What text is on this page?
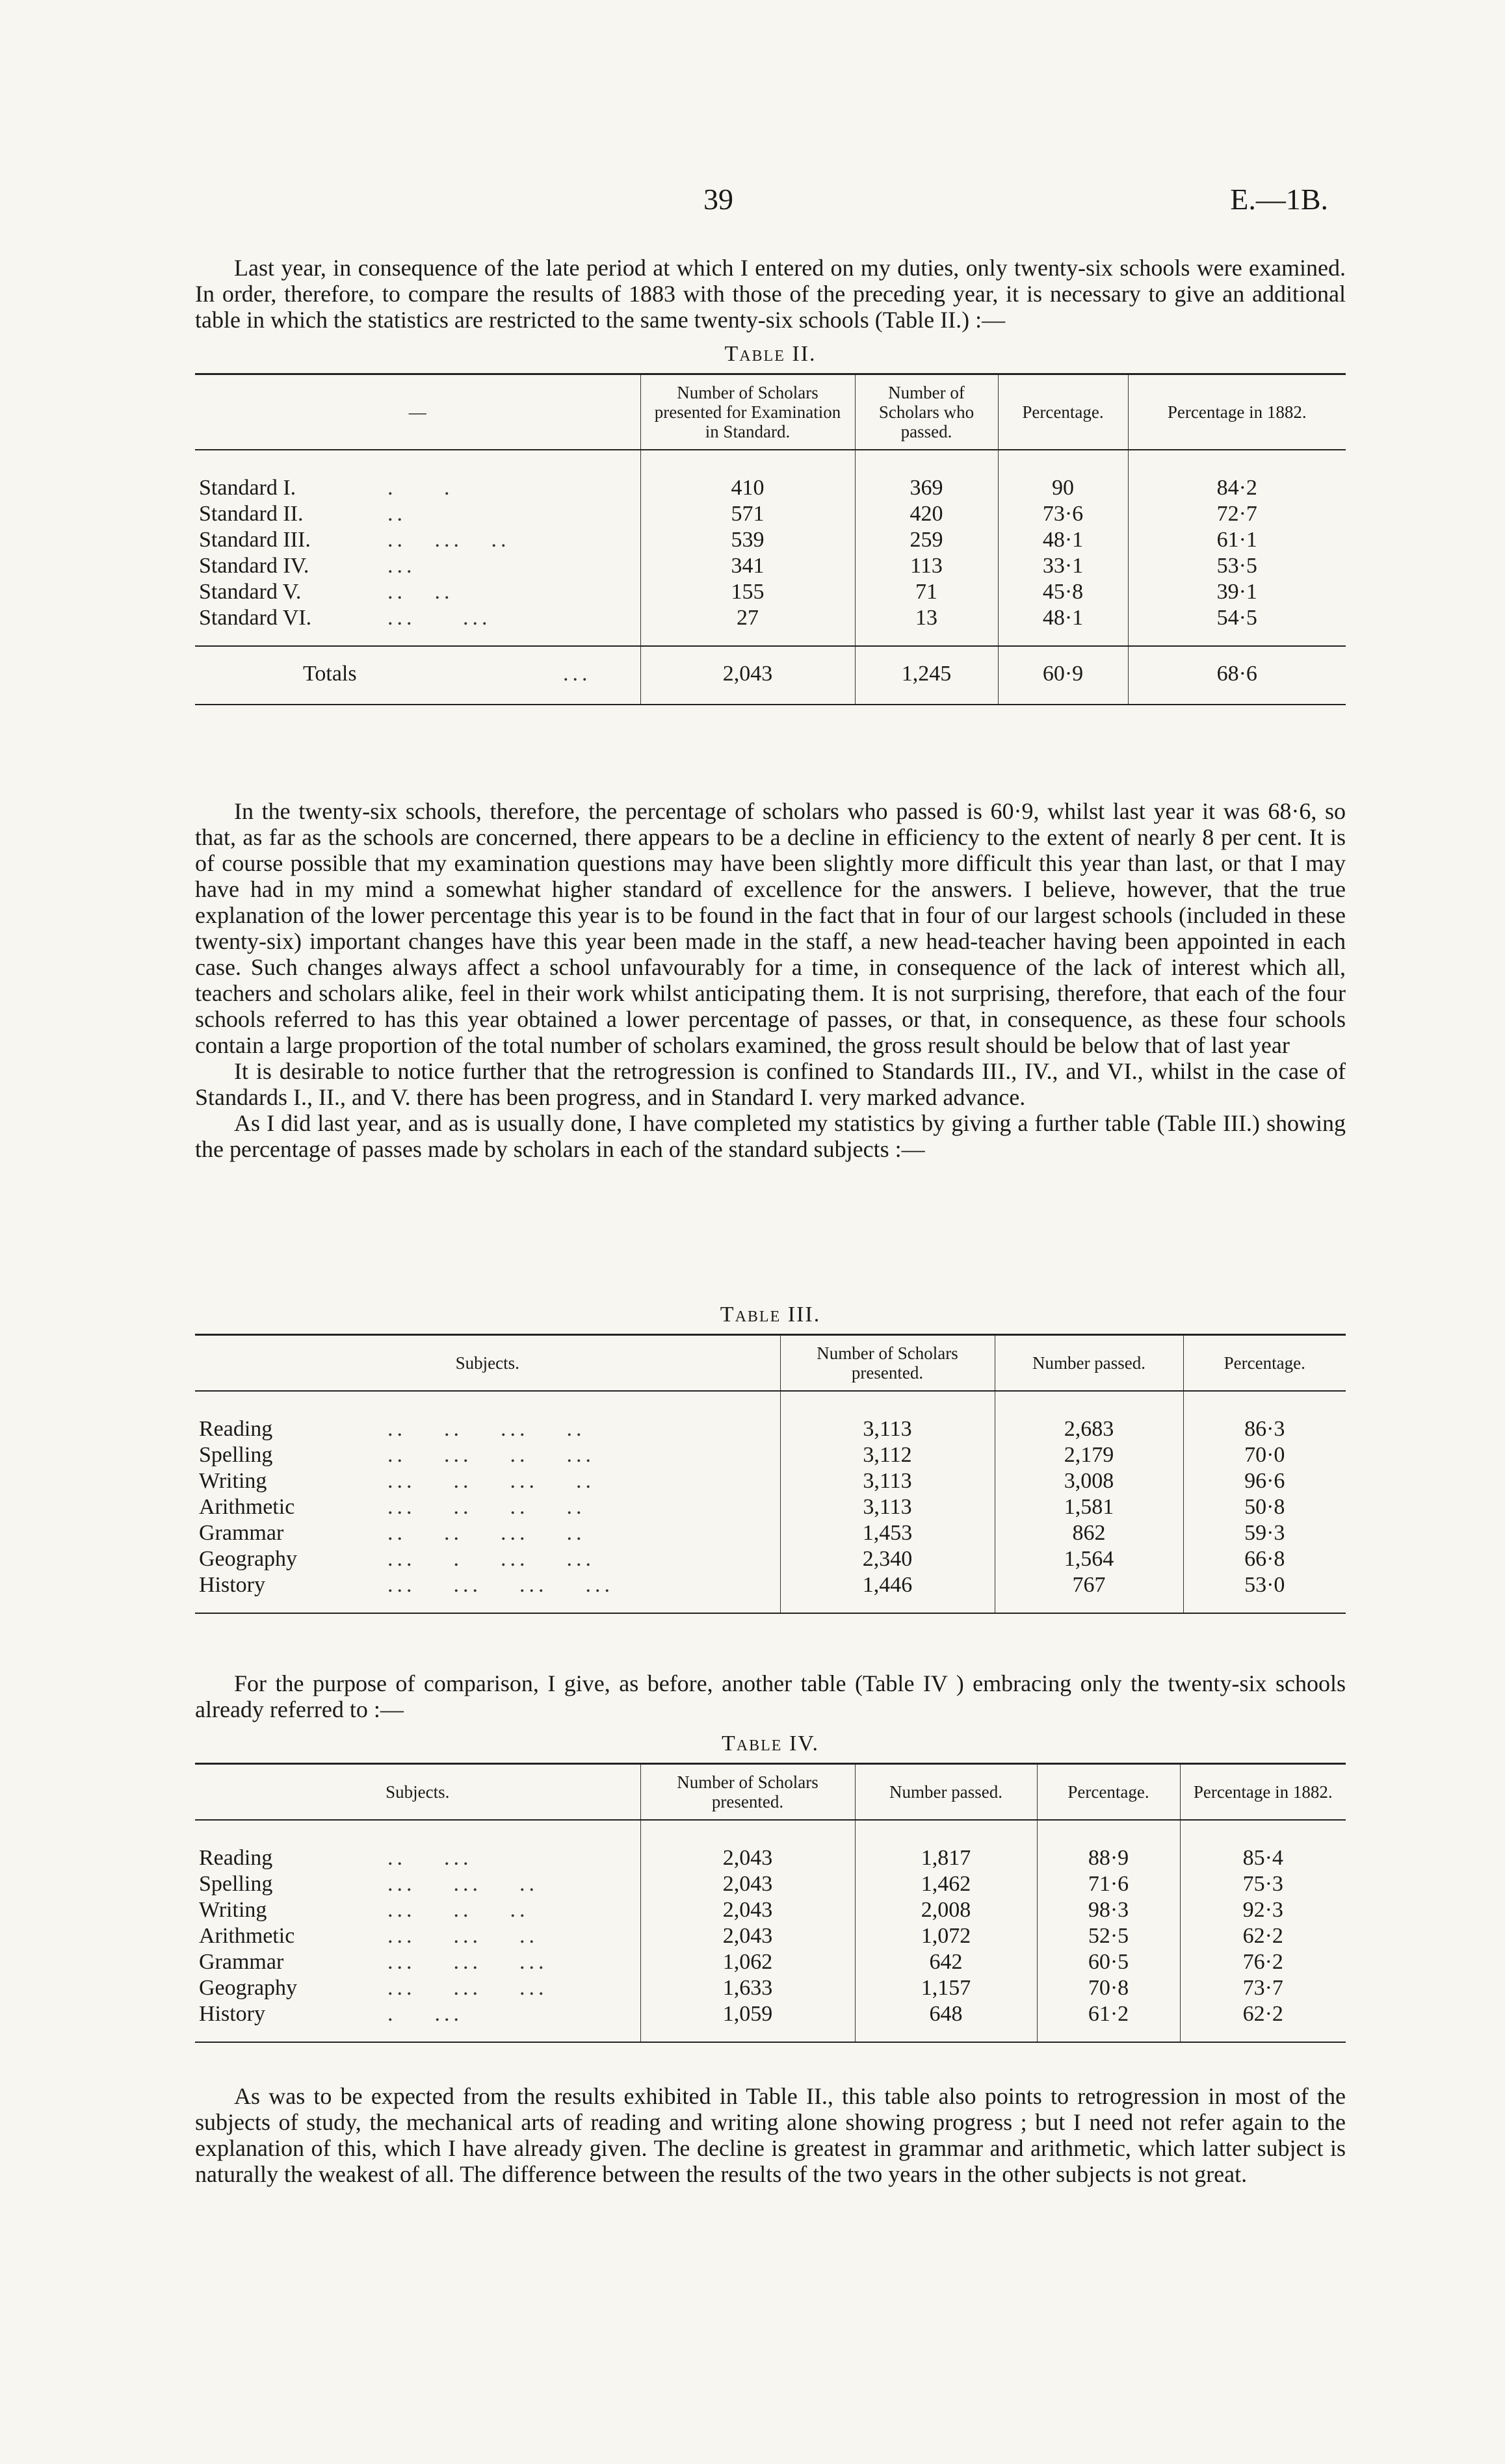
39	E.—1B.

Last year, in consequence of the late period at which I entered on my duties, only twenty-six schools were examined. In order, therefore, to compare the results of 1883 with those of the preceding year, it is necessary to give an additional table in which the statistics are restricted to the same twenty-six schools (Table II.) :—

Table II.
—	Number of Scholars presented for Examination in Standard.	Number of Scholars who passed.	Percentage.	Percentage in 1882.
Standard I. .     .	410	369	90	84·2
Standard II. ..	571	420	73·6	72·7
Standard III. ..   ...   ..	539	259	48·1	61·1
Standard IV. ...	341	113	33·1	53·5
Standard V. ..   ..	155	71	45·8	39·1
Standard VI. ...     ...	27	13	48·1	54·5
Totals ...	2,043	1,245	60·9	68·6

In the twenty-six schools, therefore, the percentage of scholars who passed is 60·9, whilst last year it was 68·6, so that, as far as the schools are concerned, there appears to be a decline in efficiency to the extent of nearly 8 per cent. It is of course possible that my examination questions may have been slightly more difficult this year than last, or that I may have had in my mind a somewhat higher standard of excellence for the answers. I believe, however, that the true explanation of the lower percentage this year is to be found in the fact that in four of our largest schools (included in these twenty-six) important changes have this year been made in the staff, a new head-teacher having been appointed in each case. Such changes always affect a school unfavourably for a time, in consequence of the lack of interest which all, teachers and scholars alike, feel in their work whilst anticipating them. It is not surprising, therefore, that each of the four schools referred to has this year obtained a lower percentage of passes, or that, in consequence, as these four schools contain a large proportion of the total number of scholars examined, the gross result should be below that of last year

It is desirable to notice further that the retrogression is confined to Standards III., IV., and VI., whilst in the case of Standards I., II., and V. there has been progress, and in Standard I. very marked advance.

As I did last year, and as is usually done, I have completed my statistics by giving a further table (Table III.) showing the percentage of passes made by scholars in each of the standard subjects :—

Table III.
Subjects.	Number of Scholars presented.	Number passed.	Percentage.
Reading ..    ..    ...    ..	3,113	2,683	86·3
Spelling ..    ...    ..    ...	3,112	2,179	70·0
Writing ...    ..    ...    ..	3,113	3,008	96·6
Arithmetic ...    ..    ..    ..	3,113	1,581	50·8
Grammar ..    ..    ...    ..	1,453	862	59·3
Geography ...    .    ...    ...	2,340	1,564	66·8
History ...    ...    ...    ...	1,446	767	53·0

For the purpose of comparison, I give, as before, another table (Table IV ) embracing only the twenty-six schools already referred to :—

Table IV.
Subjects.	Number of Scholars presented.	Number passed.	Percentage.	Percentage in 1882.
Reading ..    ...	2,043	1,817	88·9	85·4
Spelling ...    ...    ..	2,043	1,462	71·6	75·3
Writing ...    ..    ..	2,043	2,008	98·3	92·3
Arithmetic ...    ...    ..	2,043	1,072	52·5	62·2
Grammar ...    ...    ...	1,062	642	60·5	76·2
Geography ...    ...    ...	1,633	1,157	70·8	73·7
History .    ...	1,059	648	61·2	62·2

As was to be expected from the results exhibited in Table II., this table also points to retrogression in most of the subjects of study, the mechanical arts of reading and writing alone showing progress ; but I need not refer again to the explanation of this, which I have already given. The decline is greatest in grammar and arithmetic, which latter subject is naturally the weakest of all. The difference between the results of the two years in the other subjects is not great.
